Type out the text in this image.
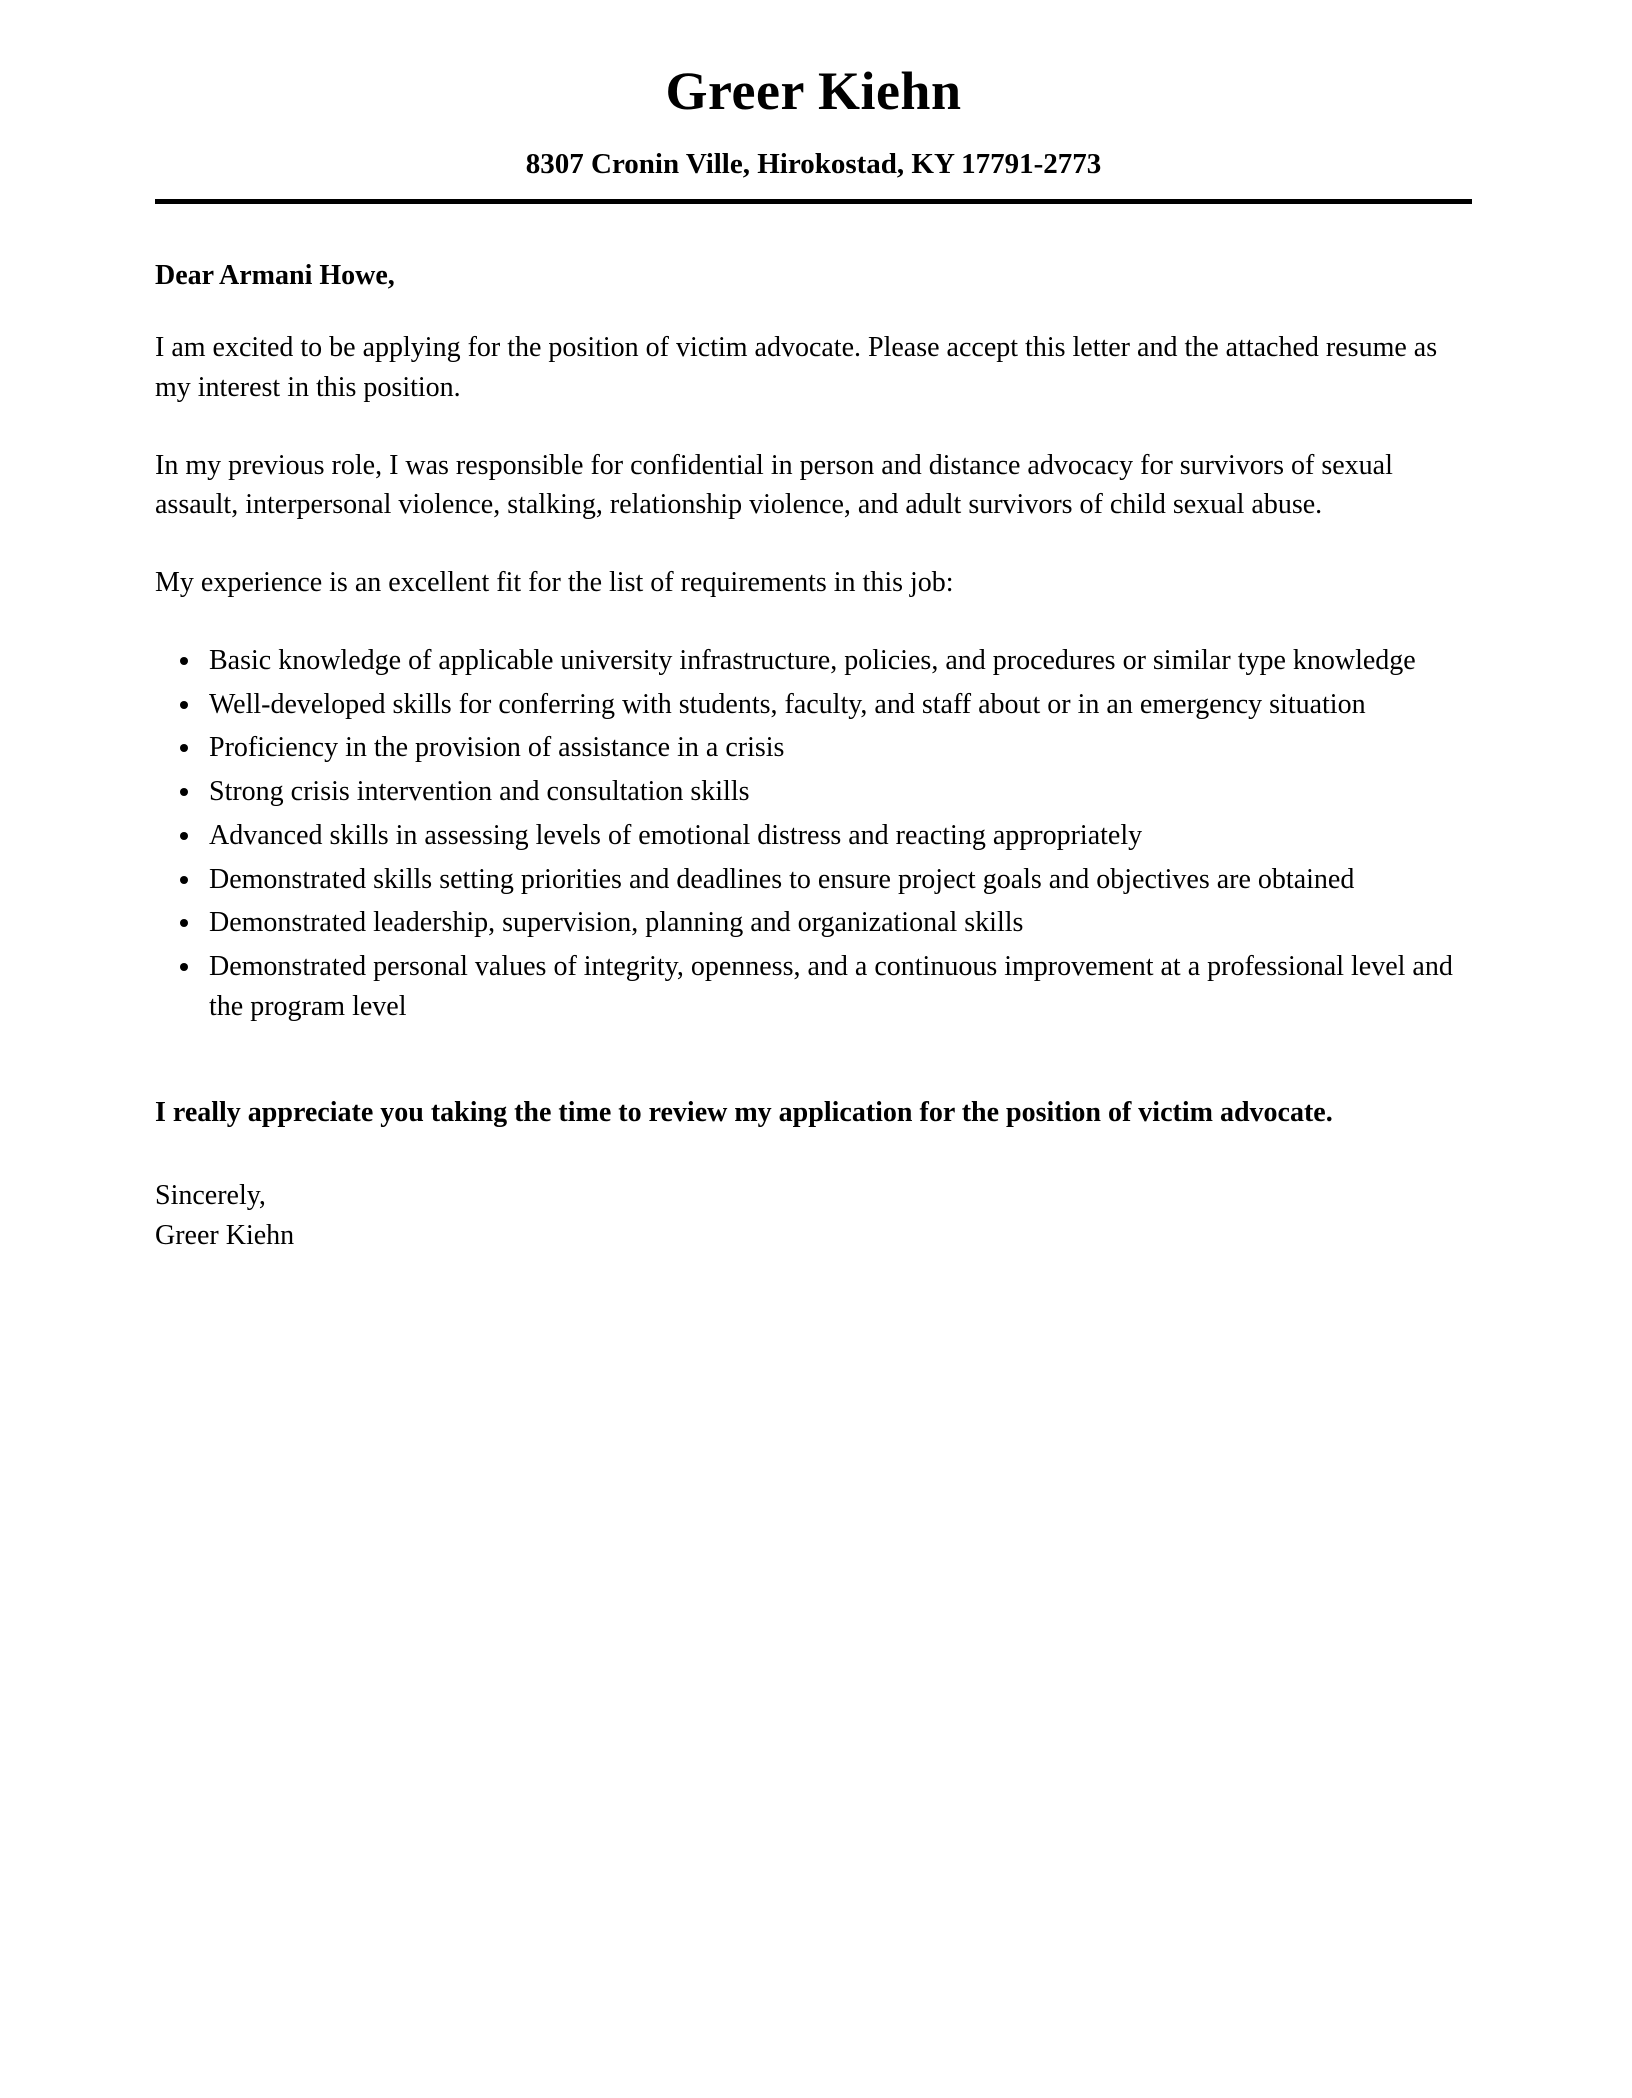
Greer Kiehn
8307 Cronin Ville, Hirokostad, KY 17791-2773
Dear Armani Howe,

I am excited to be applying for the position of victim advocate. Please accept this letter and the attached resume as my interest in this position.

In my previous role, I was responsible for confidential in person and distance advocacy for survivors of sexual assault, interpersonal violence, stalking, relationship violence, and adult survivors of child sexual abuse.

My experience is an excellent fit for the list of requirements in this job:

• Basic knowledge of applicable university infrastructure, policies, and procedures or similar type knowledge
• Well-developed skills for conferring with students, faculty, and staff about or in an emergency situation
• Proficiency in the provision of assistance in a crisis
• Strong crisis intervention and consultation skills
• Advanced skills in assessing levels of emotional distress and reacting appropriately
• Demonstrated skills setting priorities and deadlines to ensure project goals and objectives are obtained
• Demonstrated leadership, supervision, planning and organizational skills
• Demonstrated personal values of integrity, openness, and a continuous improvement at a professional level and the program level

I really appreciate you taking the time to review my application for the position of victim advocate.

Sincerely,

Greer Kiehn
